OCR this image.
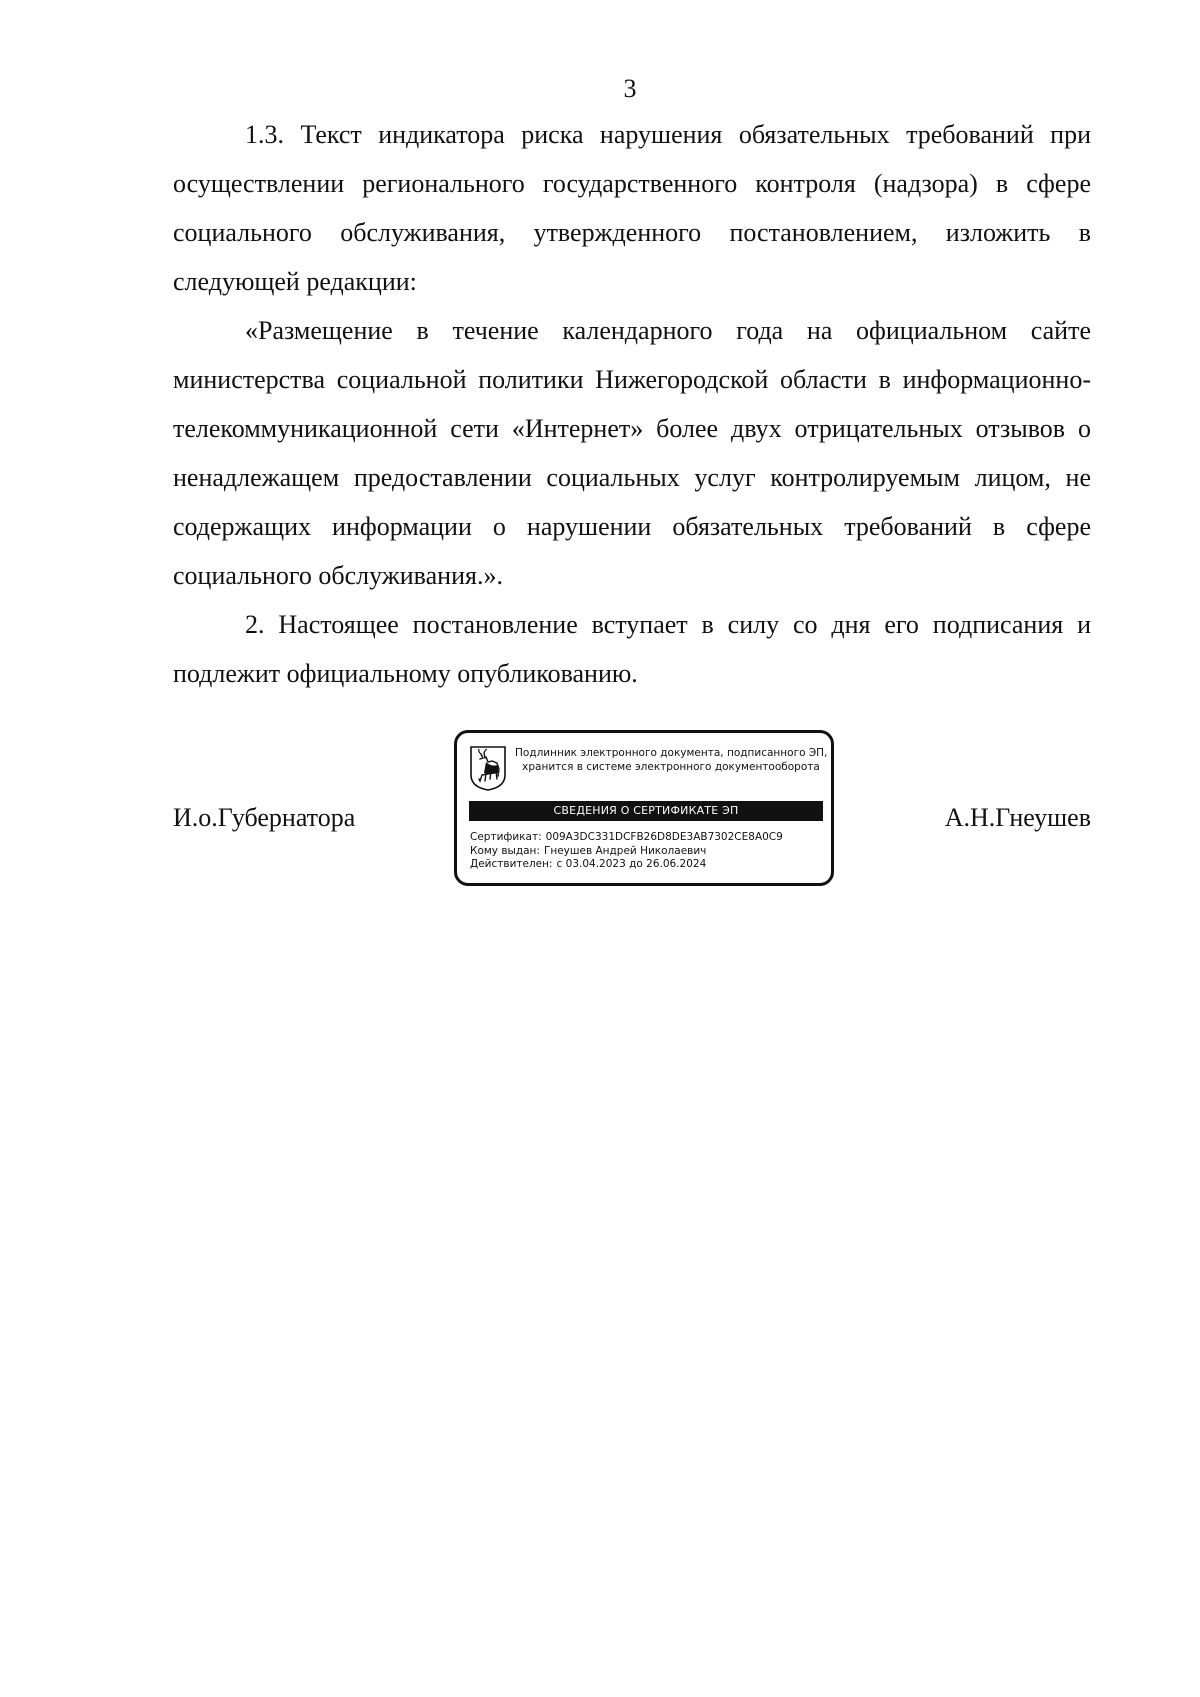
3

1.3. Текст индикатора риска нарушения обязательных требований при осуществлении регионального государственного контроля (надзора) в сфере социального обслуживания, утвержденного постановлением, изложить в следующей редакции:

«Размещение в течение календарного года на официальном сайте министерства социальной политики Нижегородской области в информационно-телекоммуникационной сети «Интернет» более двух отрицательных отзывов о ненадлежащем предоставлении социальных услуг контролируемым лицом, не содержащих информации о нарушении обязательных требований в сфере социального обслуживания.».

2. Настоящее постановление вступает в силу со дня его подписания и подлежит официальному опубликованию.

И.о.Губернатора
Подлинник электронного документа, подписанного ЭП,
хранится в системе электронного документооборота
СВЕДЕНИЯ О СЕРТИФИКАТЕ ЭП
Сертификат: 009A3DC331DCFB26D8DE3AB7302CE8A0C9
Кому выдан: Гнеушев Андрей Николаевич
Действителен: с 03.04.2023 до 26.06.2024
А.Н.Гнеушев
